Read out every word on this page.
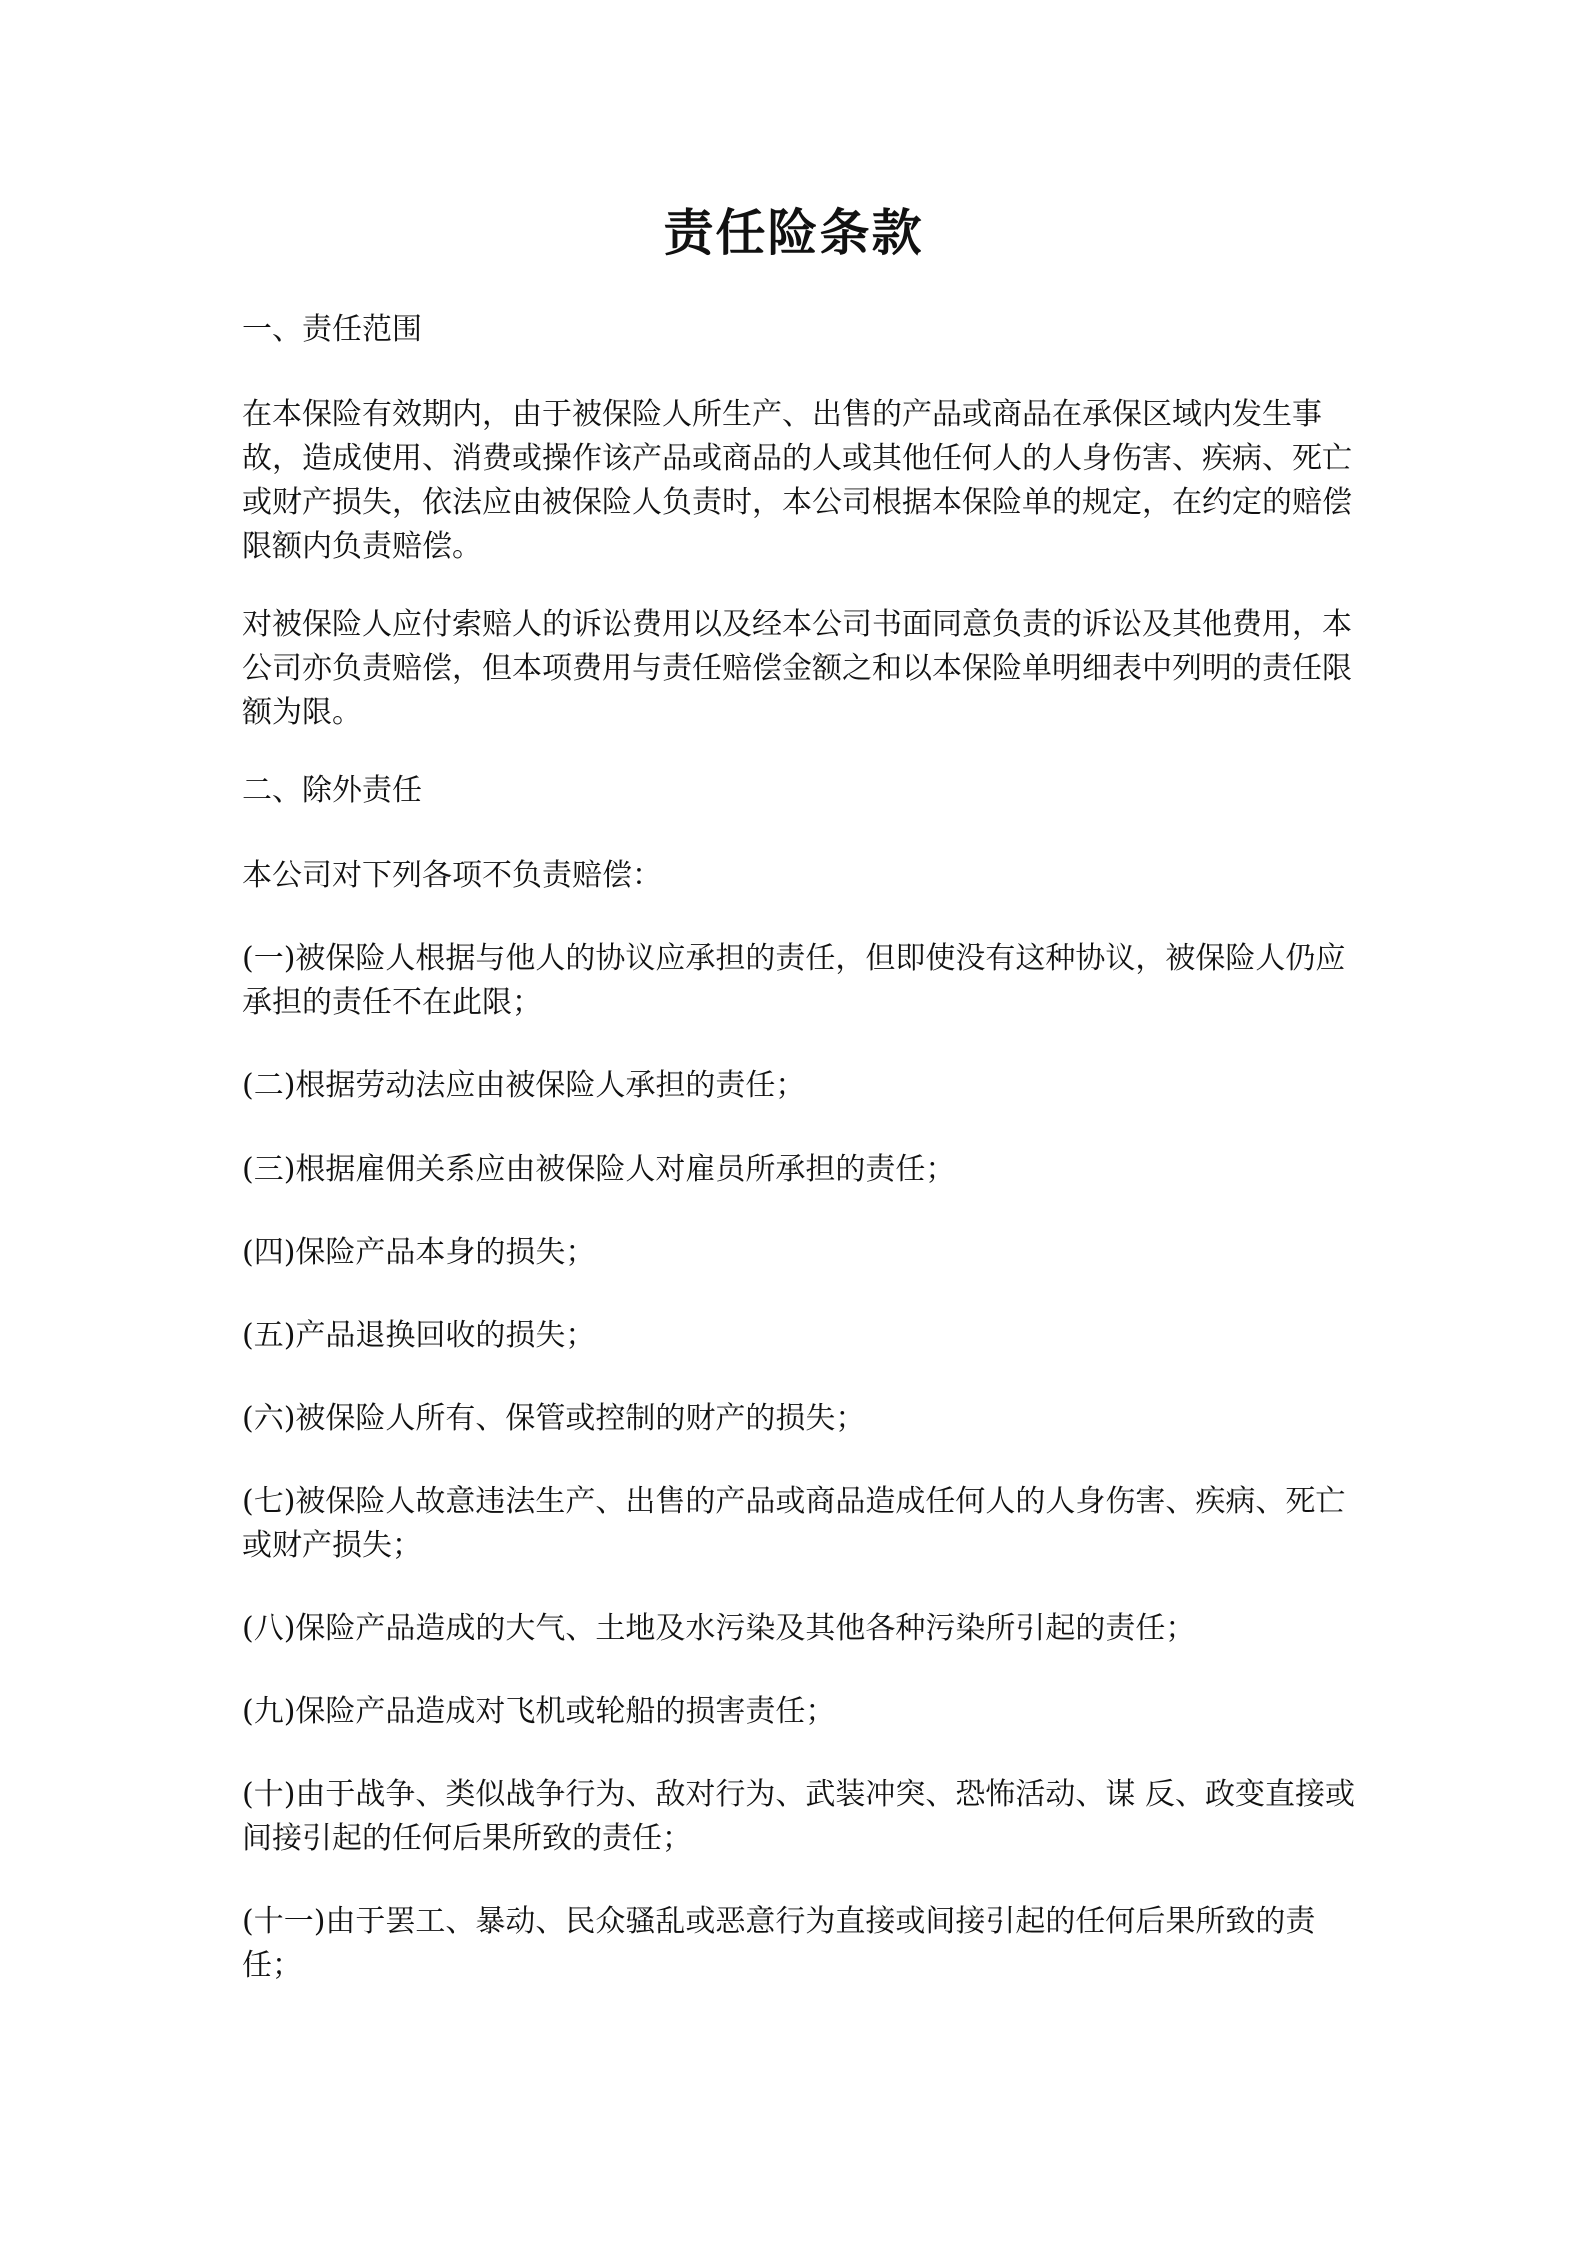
责任险条款

一、责任范围

在本保险有效期内，由于被保险人所生产、出售的产品或商品在承保区域内发生事故，造成使用、消费或操作该产品或商品的人或其他任何人的人身伤害、疾病、死亡或财产损失，依法应由被保险人负责时，本公司根据本保险单的规定，在约定的赔偿限额内负责赔偿。

对被保险人应付索赔人的诉讼费用以及经本公司书面同意负责的诉讼及其他费用，本公司亦负责赔偿，但本项费用与责任赔偿金额之和以本保险单明细表中列明的责任限额为限。

二、除外责任

本公司对下列各项不负责赔偿：

(一)被保险人根据与他人的协议应承担的责任，但即使没有这种协议，被保险人仍应承担的责任不在此限；

(二)根据劳动法应由被保险人承担的责任；

(三)根据雇佣关系应由被保险人对雇员所承担的责任；

(四)保险产品本身的损失；

(五)产品退换回收的损失；

(六)被保险人所有、保管或控制的财产的损失；

(七)被保险人故意违法生产、出售的产品或商品造成任何人的人身伤害、疾病、死亡或财产损失；

(八)保险产品造成的大气、土地及水污染及其他各种污染所引起的责任；

(九)保险产品造成对飞机或轮船的损害责任；

(十)由于战争、类似战争行为、敌对行为、武装冲突、恐怖活动、谋 反、政变直接或间接引起的任何后果所致的责任；

(十一)由于罢工、暴动、民众骚乱或恶意行为直接或间接引起的任何后果所致的责任；
